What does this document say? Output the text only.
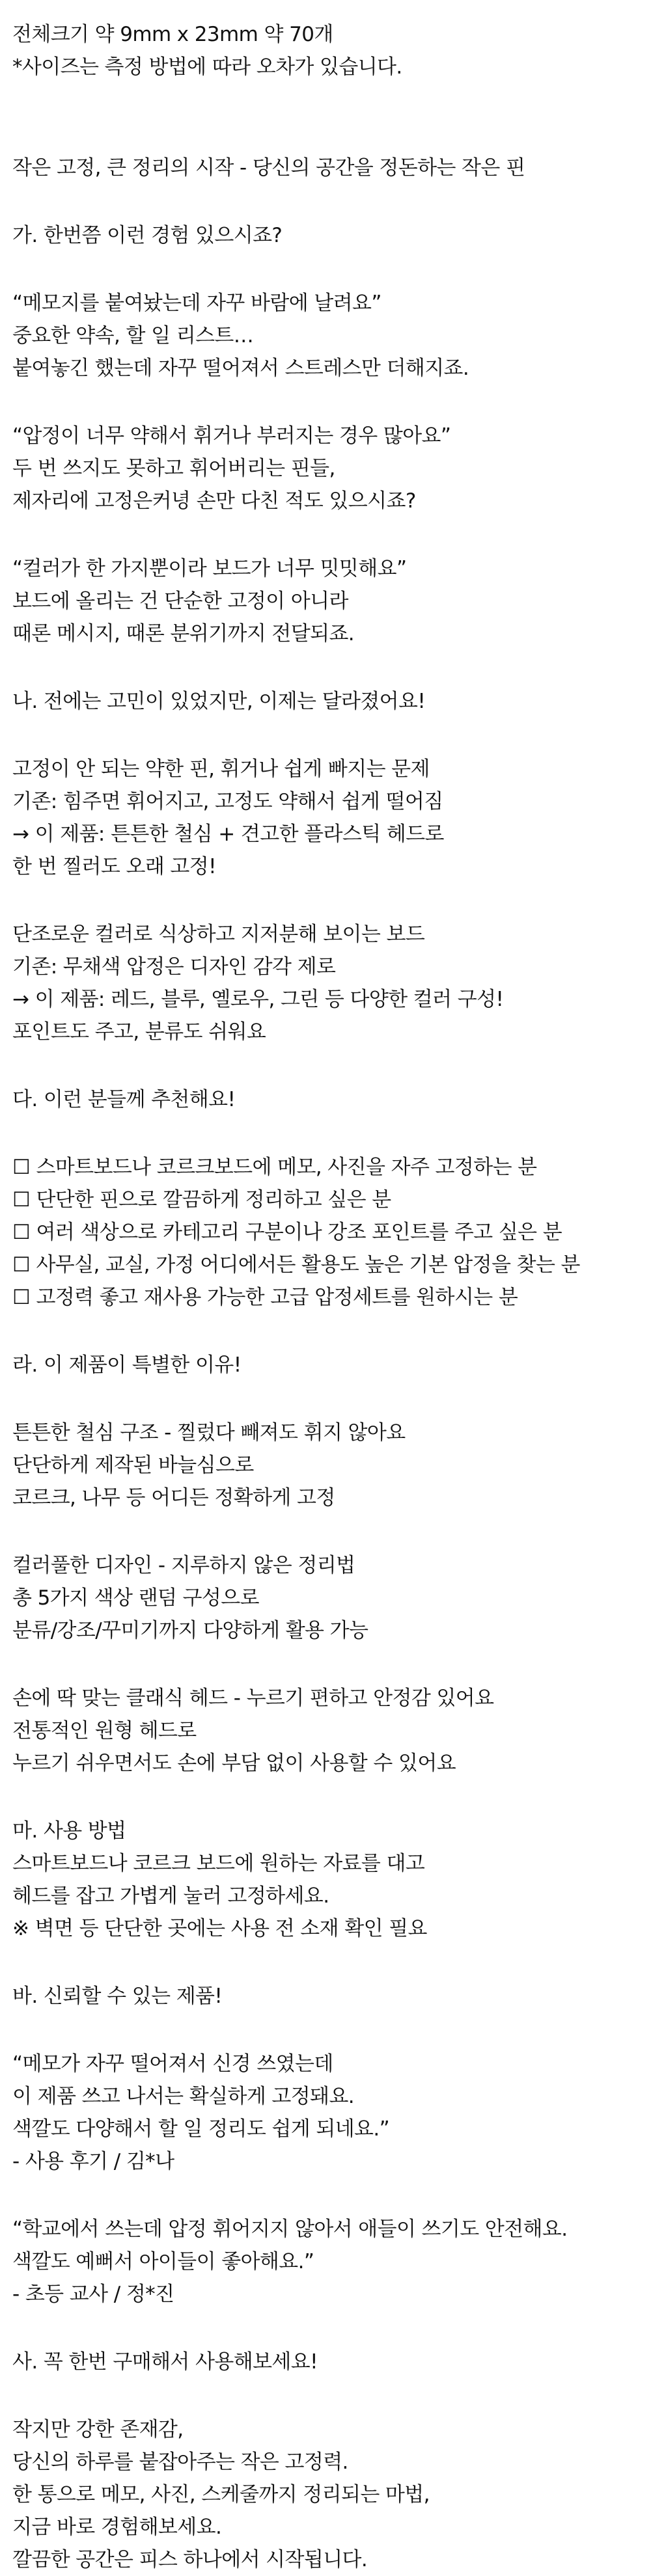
전체크기 약 9mm x 23mm 약 70개
*사이즈는 측정 방법에 따라 오차가 있습니다.
작은 고정, 큰 정리의 시작 - 당신의 공간을 정돈하는 작은 핀
가. 한번쯤 이런 경험 있으시죠?
“메모지를 붙여놨는데 자꾸 바람에 날려요”
중요한 약속, 할 일 리스트…
붙여놓긴 했는데 자꾸 떨어져서 스트레스만 더해지죠.
“압정이 너무 약해서 휘거나 부러지는 경우 많아요”
두 번 쓰지도 못하고 휘어버리는 핀들,
제자리에 고정은커녕 손만 다친 적도 있으시죠?
“컬러가 한 가지뿐이라 보드가 너무 밋밋해요”
보드에 올리는 건 단순한 고정이 아니라
때론 메시지, 때론 분위기까지 전달되죠.
나. 전에는 고민이 있었지만, 이제는 달라졌어요!
고정이 안 되는 약한 핀, 휘거나 쉽게 빠지는 문제
기존: 힘주면 휘어지고, 고정도 약해서 쉽게 떨어짐
→ 이 제품: 튼튼한 철심 + 견고한 플라스틱 헤드로
한 번 찔러도 오래 고정!
단조로운 컬러로 식상하고 지저분해 보이는 보드
기존: 무채색 압정은 디자인 감각 제로
→ 이 제품: 레드, 블루, 옐로우, 그린 등 다양한 컬러 구성!
포인트도 주고, 분류도 쉬워요
다. 이런 분들께 추천해요!
☐ 스마트보드나 코르크보드에 메모, 사진을 자주 고정하는 분
☐ 단단한 핀으로 깔끔하게 정리하고 싶은 분
☐ 여러 색상으로 카테고리 구분이나 강조 포인트를 주고 싶은 분
☐ 사무실, 교실, 가정 어디에서든 활용도 높은 기본 압정을 찾는 분
☐ 고정력 좋고 재사용 가능한 고급 압정세트를 원하시는 분
라. 이 제품이 특별한 이유!
튼튼한 철심 구조 - 찔렀다 빼져도 휘지 않아요
단단하게 제작된 바늘심으로
코르크, 나무 등 어디든 정확하게 고정
컬러풀한 디자인 - 지루하지 않은 정리법
총 5가지 색상 랜덤 구성으로
분류/강조/꾸미기까지 다양하게 활용 가능
손에 딱 맞는 클래식 헤드 - 누르기 편하고 안정감 있어요
전통적인 원형 헤드로
누르기 쉬우면서도 손에 부담 없이 사용할 수 있어요
마. 사용 방법
스마트보드나 코르크 보드에 원하는 자료를 대고
헤드를 잡고 가볍게 눌러 고정하세요.
※ 벽면 등 단단한 곳에는 사용 전 소재 확인 필요
바. 신뢰할 수 있는 제품!
“메모가 자꾸 떨어져서 신경 쓰였는데
이 제품 쓰고 나서는 확실하게 고정돼요.
색깔도 다양해서 할 일 정리도 쉽게 되네요.”
- 사용 후기 / 김*나
“학교에서 쓰는데 압정 휘어지지 않아서 애들이 쓰기도 안전해요.
색깔도 예뻐서 아이들이 좋아해요.”
- 초등 교사 / 정*진
사. 꼭 한번 구매해서 사용해보세요!
작지만 강한 존재감,
당신의 하루를 붙잡아주는 작은 고정력.
한 통으로 메모, 사진, 스케줄까지 정리되는 마법,
지금 바로 경험해보세요.
깔끔한 공간은 피스 하나에서 시작됩니다.
